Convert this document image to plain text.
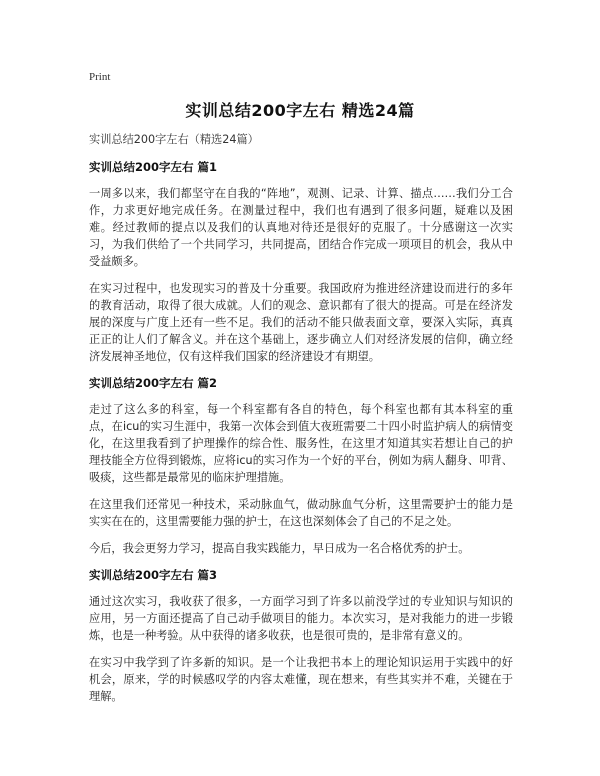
Print
实训总结200字左右 精选24篇

实训总结200字左右（精选24篇）

实训总结200字左右 篇1

一周多以来，我们都坚守在自我的“阵地”，观测、记录、计算、描点……我们分工合作，力求更好地完成任务。在测量过程中，我们也有遇到了很多问题，疑难以及困难。经过教师的提点以及我们的认真地对待还是很好的克服了。十分感谢这一次实习，为我们供给了一个共同学习，共同提高，团结合作完成一项项目的机会，我从中受益颇多。

在实习过程中，也发现实习的普及十分重要。我国政府为推进经济建设而进行的多年的教育活动，取得了很大成就。人们的观念、意识都有了很大的提高。可是在经济发展的深度与广度上还有一些不足。我们的活动不能只做表面文章，要深入实际，真真正正的让人们了解含义。并在这个基础上，逐步确立人们对经济发展的信仰，确立经济发展神圣地位，仅有这样我们国家的经济建设才有期望。

实训总结200字左右 篇2

走过了这么多的科室，每一个科室都有各自的特色，每个科室也都有其本科室的重点，在icu的实习生涯中，我第一次体会到值大夜班需要二十四小时监护病人的病情变化，在这里我看到了护理操作的综合性、服务性，在这里才知道其实若想让自己的护理技能全方位得到锻炼，应将icu的实习作为一个好的平台，例如为病人翻身、叩背、吸痰，这些都是最常见的临床护理措施。

在这里我们还常见一种技术，采动脉血气，做动脉血气分析，这里需要护士的能力是实实在在的，这里需要能力强的护士，在这也深刻体会了自己的不足之处。

今后，我会更努力学习，提高自我实践能力，早日成为一名合格优秀的护士。

实训总结200字左右 篇3

通过这次实习，我收获了很多，一方面学习到了许多以前没学过的专业知识与知识的应用，另一方面还提高了自己动手做项目的能力。本次实习，是对我能力的进一步锻炼，也是一种考验。从中获得的诸多收获，也是很可贵的，是非常有意义的。

在实习中我学到了许多新的知识。是一个让我把书本上的理论知识运用于实践中的好机会，原来，学的时候感叹学的内容太难懂，现在想来，有些其实并不难，关键在于理解。
